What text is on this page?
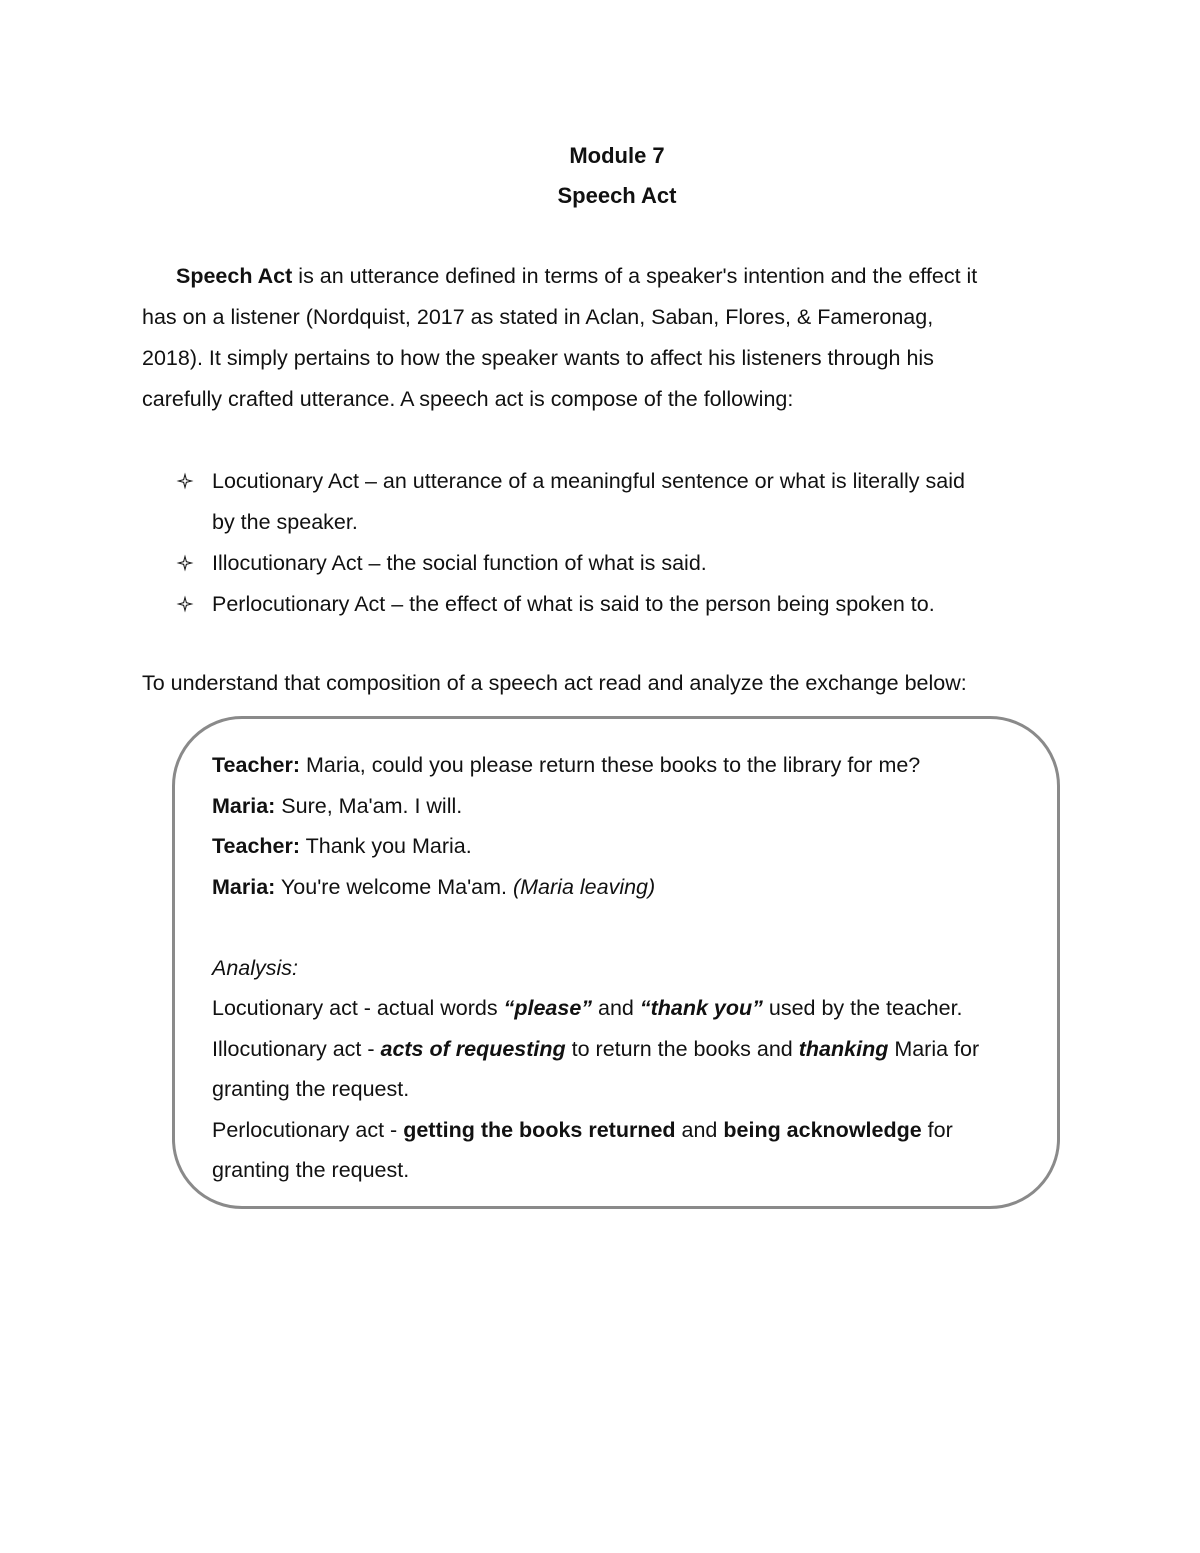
Module 7
Speech Act
Speech Act is an utterance defined in terms of a speaker's intention and the effect it
has on a listener (Nordquist, 2017 as stated in Aclan, Saban, Flores, & Fameronag,
2018). It simply pertains to how the speaker wants to affect his listeners through his
carefully crafted utterance. A speech act is compose of the following:
Locutionary Act – an utterance of a meaningful sentence or what is literally said
by the speaker.
Illocutionary Act – the social function of what is said.
Perlocutionary Act – the effect of what is said to the person being spoken to.

To understand that composition of a speech act read and analyze the exchange below:

Teacher: Maria, could you please return these books to the library for me?

Maria: Sure, Ma'am. I will.

Teacher: Thank you Maria.

Maria: You're welcome Ma'am. (Maria leaving)

Analysis:

Locutionary act - actual words “please” and “thank you” used by the teacher.

Illocutionary act - acts of requesting to return the books and thanking Maria for

granting the request.

Perlocutionary act - getting the books returned and being acknowledge for

granting the request.
